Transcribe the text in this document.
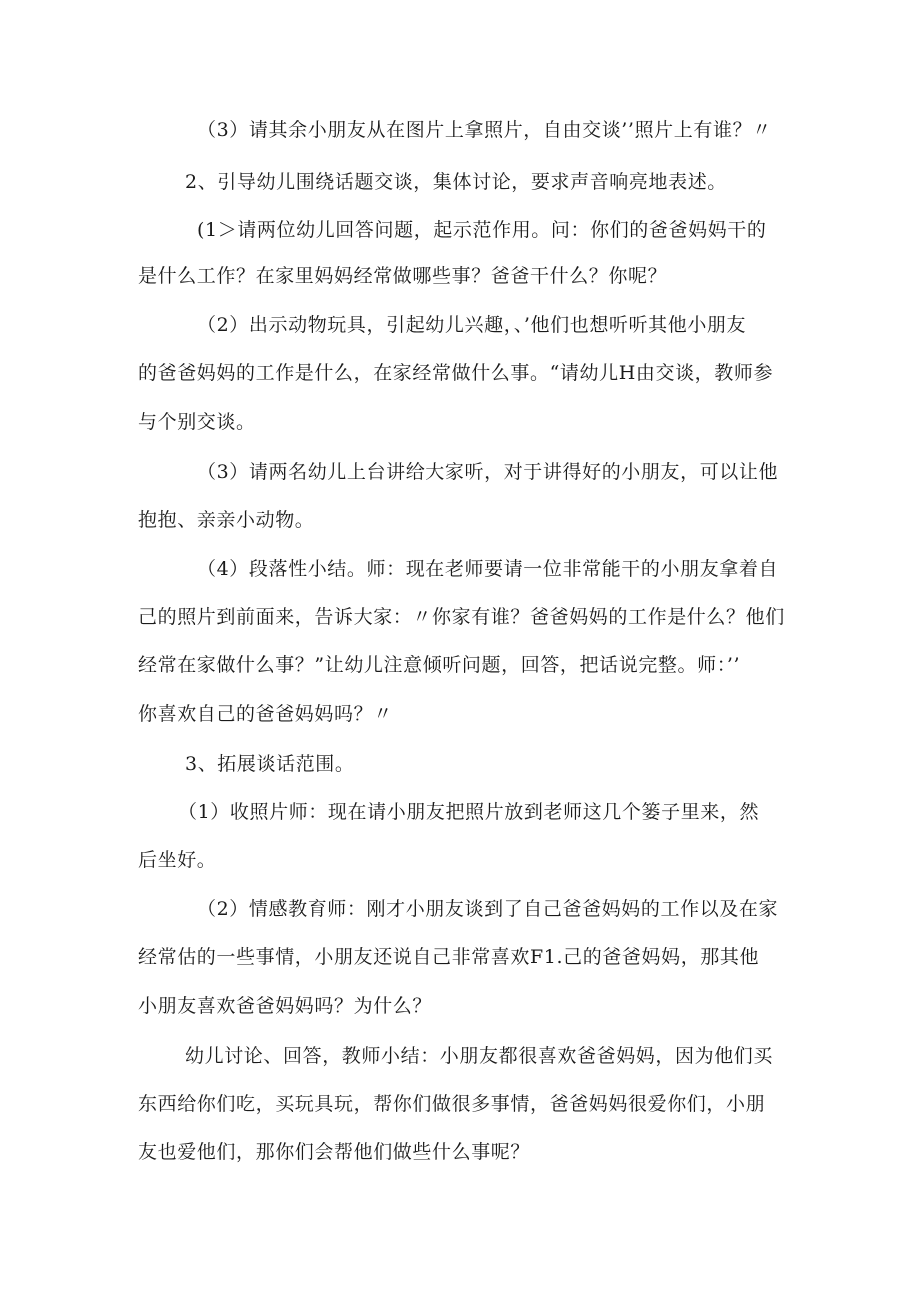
（3）请其余小朋友从在图片上拿照片，自由交谈’’照片上有谁？〃
2、引导幼儿围绕话题交谈，集体讨论，要求声音响亮地表述。
(1＞请两位幼儿回答问题，起示范作用。问：你们的爸爸妈妈干的
是什么工作？在家里妈妈经常做哪些事？爸爸干什么？你呢？
（2）出示动物玩具，引起幼儿兴趣，、’他们也想听听其他小朋友
的爸爸妈妈的工作是什么，在家经常做什么事。“请幼儿H由交谈，教师参
与个别交谈。
（3）请两名幼儿上台讲给大家听，对于讲得好的小朋友，可以让他
抱抱、亲亲小动物。
（4）段落性小结。师：现在老师要请一位非常能干的小朋友拿着自
己的照片到前面来，告诉大家：〃你家有谁？爸爸妈妈的工作是什么？他们
经常在家做什么事？”让幼儿注意倾听问题，回答，把话说完整。师：’’
你喜欢自己的爸爸妈妈吗？〃
3、拓展谈话范围。
（1）收照片师：现在请小朋友把照片放到老师这几个篓子里来，然
后坐好。
（2）情感教育师：刚才小朋友谈到了自己爸爸妈妈的工作以及在家
经常估的一些事情，小朋友还说自己非常喜欢F1.己的爸爸妈妈，那其他
小朋友喜欢爸爸妈妈吗？为什么？
幼儿讨论、回答，教师小结：小朋友都很喜欢爸爸妈妈，因为他们买
东西给你们吃，买玩具玩，帮你们做很多事情，爸爸妈妈很爱你们，小朋
友也爱他们，那你们会帮他们做些什么事呢？
